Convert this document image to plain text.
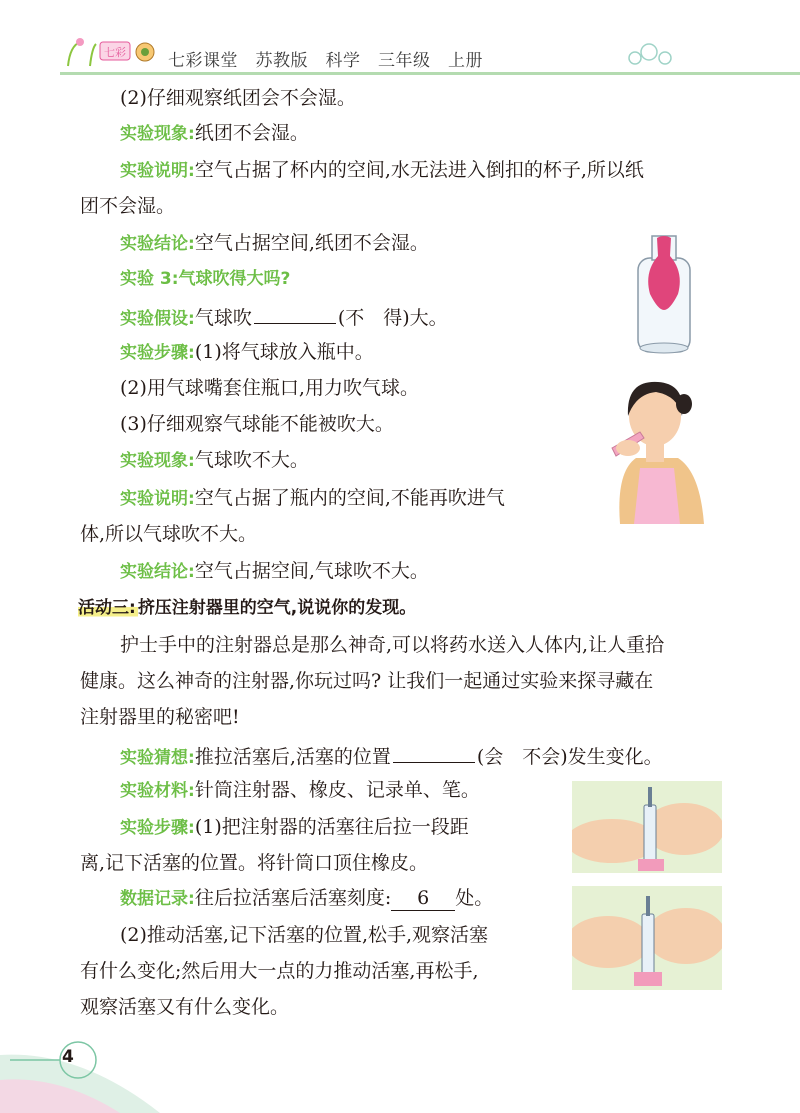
七彩 七彩课堂　苏教版　科学　三年级　上册
(2)仔细观察纸团会不会湿。
实验现象:纸团不会湿。
实验说明:空气占据了杯内的空间,水无法进入倒扣的杯子,所以纸
团不会湿。
实验结论:空气占据空间,纸团不会湿。
实验 3:气球吹得大吗?
实验假设:气球吹	(不　得)大。
实验步骤:(1)将气球放入瓶中。
(2)用气球嘴套住瓶口,用力吹气球。
(3)仔细观察气球能不能被吹大。
实验现象:气球吹不大。
实验说明:空气占据了瓶内的空间,不能再吹进气
体,所以气球吹不大。
实验结论:空气占据空间,气球吹不大。
活动三: 挤压注射器里的空气,说说你的发现。
护士手中的注射器总是那么神奇,可以将药水送入人体内,让人重拾
健康。这么神奇的注射器,你玩过吗? 让我们一起通过实验来探寻藏在
注射器里的秘密吧!
实验猜想:推拉活塞后,活塞的位置	(会　不会)发生变化。
实验材料:针筒注射器、橡皮、记录单、笔。
实验步骤:(1)把注射器的活塞往后拉一段距
离,记下活塞的位置。将针筒口顶住橡皮。
数据记录:往后拉活塞后活塞刻度: 6 处。
(2)推动活塞,记下活塞的位置,松手,观察活塞
有什么变化;然后用大一点的力推动活塞,再松手,
观察活塞又有什么变化。
4
